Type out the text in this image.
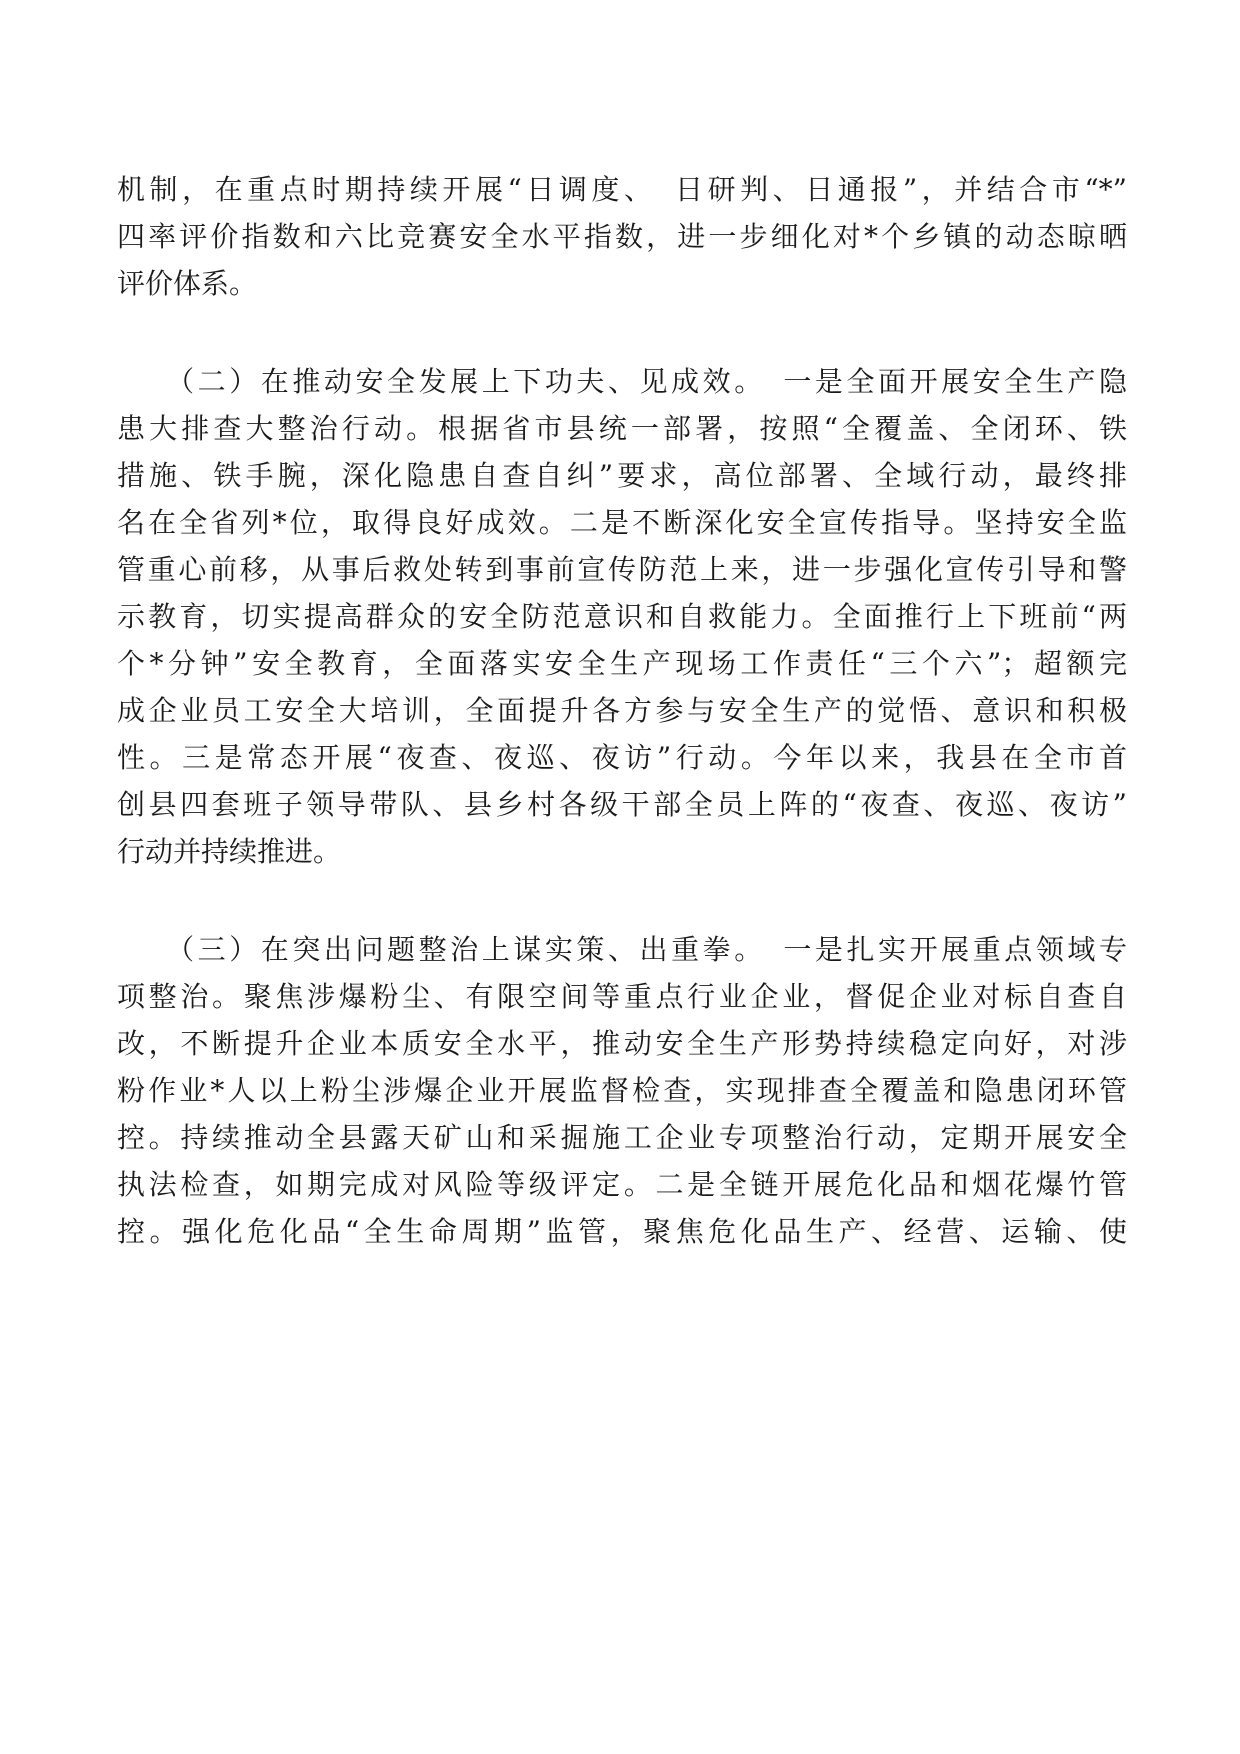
机制，在重点时期持续开展“日调度、　日研判、日通报”，并结合市“*”
四率评价指数和六比竞赛安全水平指数，进一步细化对*个乡镇的动态晾晒
评价体系。
　　（二）在推动安全发展上下功夫、见成效。　一是全面开展安全生产隐
患大排查大整治行动。根据省市县统一部署，按照“全覆盖、全闭环、铁
措施、铁手腕，深化隐患自查自纠”要求，高位部署、全域行动，最终排
名在全省列*位，取得良好成效。二是不断深化安全宣传指导。坚持安全监
管重心前移，从事后救处转到事前宣传防范上来，进一步强化宣传引导和警
示教育，切实提高群众的安全防范意识和自救能力。全面推行上下班前“两
个*分钟”安全教育，全面落实安全生产现场工作责任“三个六”；超额完
成企业员工安全大培训，全面提升各方参与安全生产的觉悟、意识和积极
性。三是常态开展“夜查、夜巡、夜访”行动。今年以来，我县在全市首
创县四套班子领导带队、县乡村各级干部全员上阵的“夜查、夜巡、夜访”
行动并持续推进。
　　（三）在突出问题整治上谋实策、出重拳。　一是扎实开展重点领域专
项整治。聚焦涉爆粉尘、有限空间等重点行业企业，督促企业对标自查自
改，不断提升企业本质安全水平，推动安全生产形势持续稳定向好，对涉
粉作业*人以上粉尘涉爆企业开展监督检查，实现排查全覆盖和隐患闭环管
控。持续推动全县露天矿山和采掘施工企业专项整治行动，定期开展安全
执法检查，如期完成对风险等级评定。二是全链开展危化品和烟花爆竹管
控。强化危化品“全生命周期”监管，聚焦危化品生产、经营、运输、使
